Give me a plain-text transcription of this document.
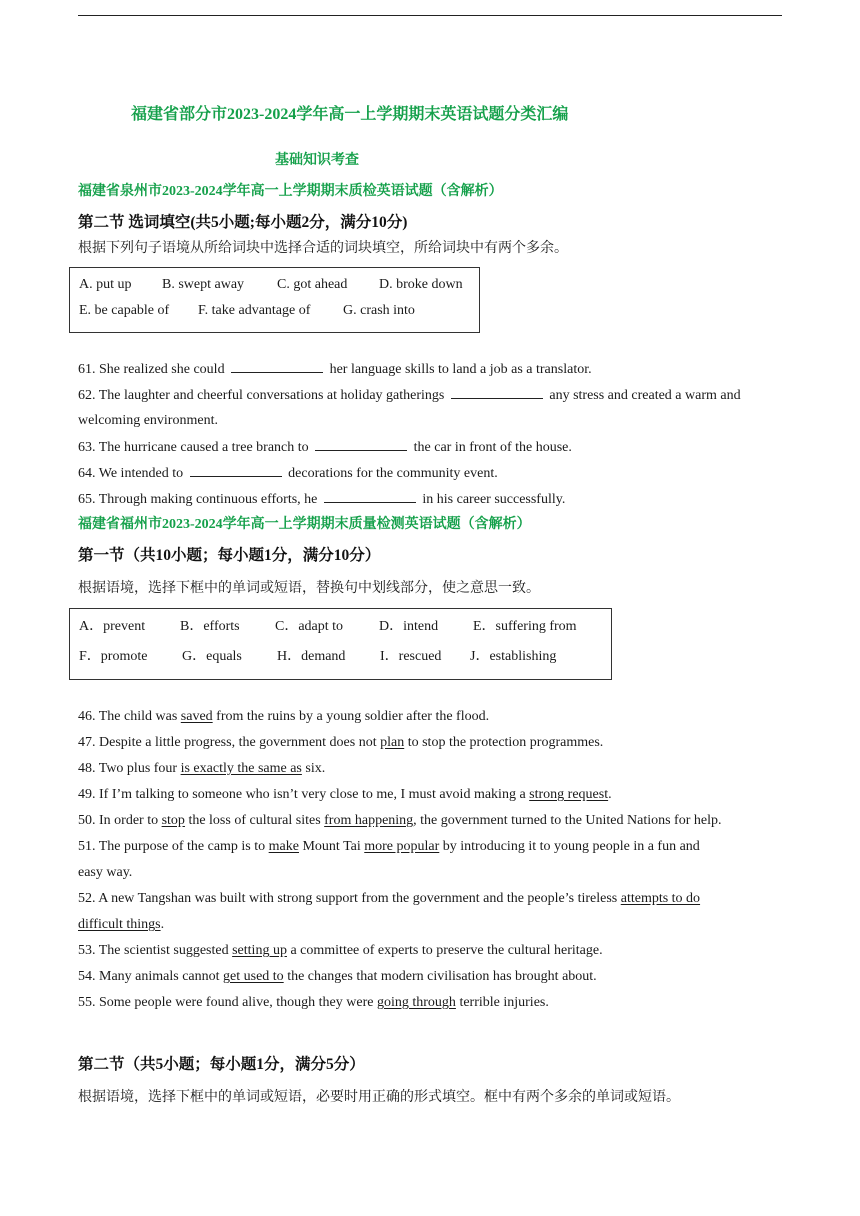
福建省部分市2023-2024学年高一上学期期末英语试题分类汇编
基础知识考查
福建省泉州市2023-2024学年高一上学期期末质检英语试题（含解析）
第二节 选词填空(共5小题;每小题2分，满分10分)
根据下列句子语境从所给词块中选择合适的词块填空，所给词块中有两个多余。
A. put up B. swept away C. got ahead D. broke down
E. be capable of F. take advantage of G. crash into
61. She realized she could	her language skills to land a job as a translator.
62. The laughter and cheerful conversations at holiday gatherings	any stress and created a warm and
welcoming environment.
63. The hurricane caused a tree branch to	the car in front of the house.
64. We intended to	decorations for the community event.
65. Through making continuous efforts, he	in his career successfully.
福建省福州市2023-2024学年高一上学期期末质量检测英语试题（含解析）
第一节（共10小题；每小题1分，满分10分）
根据语境，选择下框中的单词或短语，替换句中划线部分，使之意思一致。
A．prevent B．efforts	C．adapt to	D．intend E．suffering from
F．promote G．equals	H．demand I．rescued J．establishing
46. The child was saved from the ruins by a young soldier after the flood.
47. Despite a little progress, the government does not plan to stop the protection programmes.
48. Two plus four is exactly the same as six.
49. If I’m talking to someone who isn’t very close to me, I must avoid making a strong request.
50. In order to stop the loss of cultural sites from happening, the government turned to the United Nations for help.
51. The purpose of the camp is to make Mount Tai more popular by introducing it to young people in a fun and
easy way.
52. A new Tangshan was built with strong support from the government and the people’s tireless attempts to do
difficult things.
53. The scientist suggested setting up a committee of experts to preserve the cultural heritage.
54. Many animals cannot get used to the changes that modern civilisation has brought about.
55. Some people were found alive, though they were going through terrible injuries.
第二节（共5小题；每小题1分，满分5分）
根据语境，选择下框中的单词或短语，必要时用正确的形式填空。框中有两个多余的单词或短语。
